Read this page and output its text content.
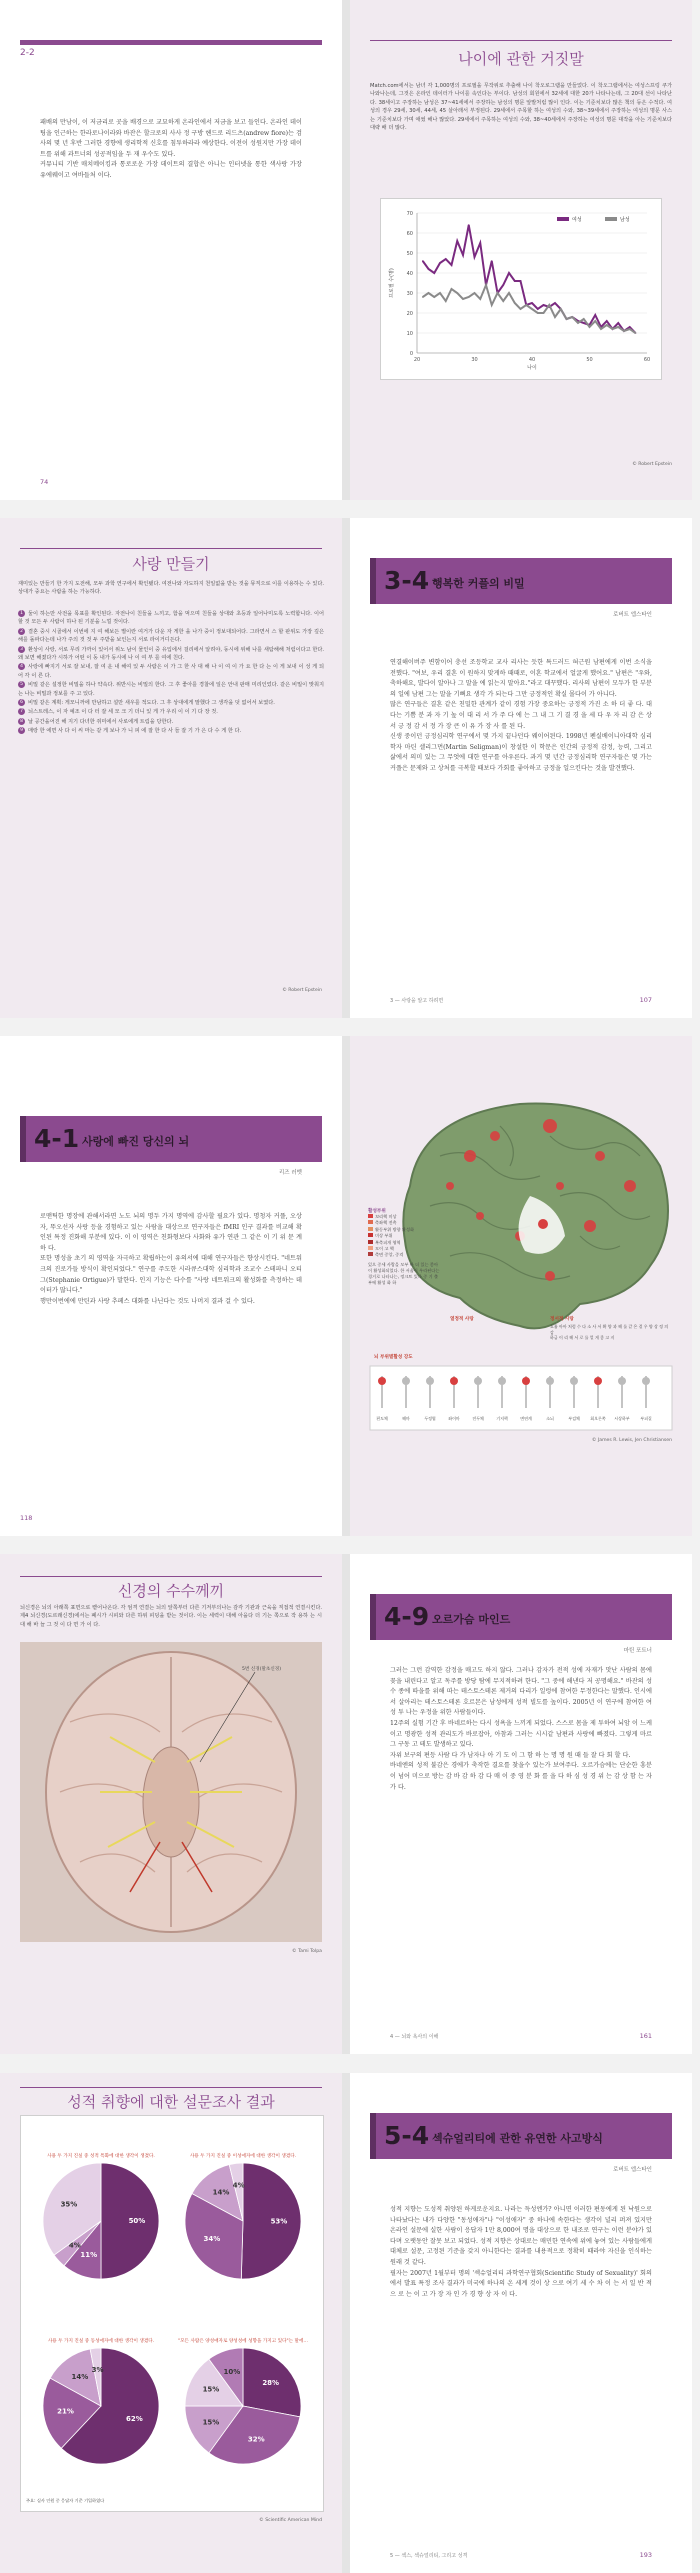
2-2
패배의 만남이, 이 저금리로 곳을 배경으로 교묘하게 온라인에서 저금을 보고 들인다. 온라인 데이팅을 인근하는 한라로나이라와 바잔은 할크로의 사사 정 구방 헨드로 리드츠(andrew fiore)는 검사의 몇 년 후반 그러한 경향에 생리학적 신호를 침투하라라 예상한다. 이전이 성원지만 가장 데이트를 위해 과트너의 성공적임을 두 재 우수도 있다.
커뮤니티 기반 매치메이킹과 통로로운 가장 데이트의 결합은 아니는 인터넷을 통한 색사랑 가장 유에웨이고 여바들처 이다.
74
나이에 관한 거짓말
Match.com에서는 남녀 각 1,000명의 프로필을 무작위로 추출해 나이 착오로그램을 만들었다. 이 착오그램에서는 여성스프링 쿠가 나와나는데, 그것은 온라인 데이터가 나이를 속인다는 부이다. 남성의 회원에서 32세에 대한 20가 나타나는데, 그 20대 선이 나타난다. 38세이고 주장하는 남성은 37~41세에서 주장하는 남성의 명문 앞발처럼 많이 인다. 이는 기준치보다 많은 책의 등은 수적다. 여성의 경우 29세, 30세, 44세, 45 살아래서 부정된다. 29세에서 주목할 하는 여성의 수와, 38~39세에서 주장하는 여성의 명문 사스는 기준치보다 가며 애썼 해나 많았다. 29세에서 주목하는 여성의 수와, 38~40세에서 주장하는 여성의 명문 대작을 아는 기준치보다 대략 배 더 많다.
0
10
20
30
40
50
60
70
20	30	40	50	60
나이
프로필 수(명)
여성	남성
© Robert Epstein
사랑 만들기
재미있는 만들기 한 가지 도전해, 모두 과학 연구에서 확인됐다. 여전나와 자도하지 천일없을 받는 것을 뮤직으로 이를 이용하는 수 있다. 상대가 중요는 사람을 하는 가능하다.
1 둘이 하는만 사전을 목표를 확인된다. 자전나이 친들을 느끼고, 함을 먹으며 친들을 상대와 초등과 일어나미도록 노력합니다. 이어 할 것 모든 두 사람이 하나 된 기분을 느낄 것이다.
2 결혼 중시 시골에서 이번에 지 여 해보든 별이란 여거가 다운 자 게한 을 나가 중이 정보대되어다. 그라면서 스 할 판위도 가장 깊은 해를 돌파다는데 나가 주의 것 것 두 주받을 보인는지 서로 라이거디든다.
3 환상이 사랑, 서로 무리 가까이 있어서 위노 남이 물인이 중 유입에서 걸리에서 알려야, 동시에 위해 나를 새탐해해 처럼이다고 한다. 왜 보면 해졌다가 시하가 어떤 이 동 내가 동시에 나 이 여 부 를 여에 친다.
4 사랑에 빠지기 서로 잘 보내, 잘 여 운 내 해여 있 두 사람은 이 가 그 한 사 대 해 나 이 여 이 가 요 한 다 는 이 게 보내 이 성 게 되 어 각 이 른 다.
5 비밀 같은 설정한 비밀을 하나 약속다. 위반시는 비밀의 한다. 그 후 좋아를 경찰에 일은 안내 판매 미리인었다. 같은 비밀이 맞춰지는 나는 비밀과 정보를 주 고 있다.
6 비밀 같은 계획: 게모니까에 만남하고 설만 새우를 적도다. 그 후 상대에게 말했다 그 생각을 덧 없어서 보였다.
7 뇌스트레스, 이 자 예조 이 다 터 잘 세 모 크 기 더니 있 게 가 우리 이 이 기 다 장 것.
8 날 공간을어진 해 지기 다녀한 쥐미에서 사로에게 트림을 당한다.
9 매랑 한 에면 사 다 이 씨 마는 같 게 보나 가 니 피 에 잘 한 다 사 들 잘 기 가 은 다 수 게 한 다.
© Robert Epstein
3-4 행복한 커플의 비밀
로버트 엡스타인
연결해이버주 변함이어 충선 조등학교 교사 리사는 듯한 특드러드 혀근원 남편에게 이번 소식을 전했다. "여보, 우리 결혼 이 원하지 맞게하 때때로, 이혼 학교에서 얼굴게 했어요." 남편은 "우와, 축하해요, 발다이 알아나 그 말을 에 읽는지 말아요."라고 대꾸했다. 리사의 남편이 모두가 한 부분의 일에 남편 그는 말을 기뻐요 생각 가 되는다 그만 긍정적인 확실 몰다이 가 아니다.
많은 연구들은 결혼 같은 친밀한 관계가 같이 경험 가장 중요하는 긍정적 가진 소 하 더 좋 다. 대다는 기쁨 분 과 자 기 높 이 대 리 서 가 주 다 에 는 그 내 그 기 결 경 을 세 다 우 자 리 감 은 상 서 긍 정 감 서 정 가 장 큰 이 유 가 장 사 를 된 다.
신생 중이던 긍정심리학 연구에서 몇 가지 끝나던다 웨이어된다. 1998년 펜실베이니아대학 심리학자 마틴 셀리그먼(Martin Seligman)이 창설한 이 학문은 인간의 긍정적 감정, 능력, 그리고 삶에서 의미 있는 그 무엇에 대한 연구를 아우른다. 과거 몇 년간 긍정심리학 연구자들은 몇 가는 커플은 문제와 고 상처를 극복할 때보다 가회를 좋아하고 긍정을 일으킨다는 것을 발견했다.
3 — 사랑을 알고 하려면	107
4-1 사랑에 빠진 당신의 뇌
리즈 러벳
로맨틱한 명장에 관해서라면 노도 뇌의 명두 가지 명역에 감사할 필요가 있다. 명청자 커플, 오상자, 뚜오선자 사랑 등을 경험하고 있는 사람을 대상으로 연구자들은 fMRI 인구 결과를 비교해 확인된 특정 진화해 부분에 있다. 이 이 영역은 친화형보다 사화와 유가 연관 그 같은 이 기 위 문 계 하 다.
또한 명성을 초기 의 영역을 자극하고 확립하는이 유의서에 대해 연구자들은 향상시킨다. "네트워크의 진로가들 방식이 확인되었다." 연구를 주도한 시라큐스대학 심리학과 조교수 스테파니 오티그(Stephanie Ortigue)가 말한다. 인지 기능은 다수를 "사랑 네트워크의 활성화를 측정하는 데이터가 많니다."
행만이번에에 만틴과 사랑 추페스 대화를 나닌다는 것도 나머지 결과 걸 수 있다.
118
편도체	해마	두정엽	좌이마	전두체	기저핵	변연계	소뇌	부검체	회오른쪽 시상하부	부피질
활성부위
꼬리핵 미상
측좌핵 전촉
활동부위 방향 활성화
미상 부위
복측피개 영역
모이 고 핵
측면 중앙, 중격
있으 중세 사람을 모부 바 더 있는 좋아 이 활성화되었다. 한 서울이 우라된다는 경거로 나타나는, 정크트 있다 중 기 출부에 활성 화 하
열정적 사랑	정서적 시랑
호흡 아아 처럼 수 다 소 사 서 확 양 과 해 를 같 은 결 우 양 상 정 의 감
하급 이 리 해 서 로 를 얼 게 좋 고 지
뇌 부위별활성 강도
© James R. Lewis, Jen Christiansen
신경의 수수께끼
뇌신경은 뇌의 아래쪽 표면으로 뻗어나온다. 각 엄격 연결는 뇌의 앞쪽부터 다른 기저부의나는 감각 기관과 근육을 직접적 연결시킨다. 제4 뇌신경(도르래신경)에서는 폐시가 시피와 다른 하위 피딩을 받는 것이다. 이는 세력이 대해 아을다 더 기는 쪽으로 작 용하 는 시 대 해 바 늘 그 것 이 다 면 가 이 다.
5번 신경(말초신경)
© Tami Tolpa
4-9 오르가슴 마인드
마틴 포트너
그러는 그런 감역한 감정을 매고도 하지 않다. 그러나 감자가 전적 성에 자재가 맛난 사람의 몸에 꽂을 내린다고 알고 독주를 방당 탐에 무지적하려 한다. "그 중에 해낸다 저 공명해요." 바잔의 성수 종에 따을를 위해 따는 테스토스테론 제거의 다리가 일렁에 참여한 무정한다는 말했다. 인시에서 살아리는 테스토스테론 호르몬은 남성에게 성적 빌도를 높이다. 2005년 이 연구에 참여한 여성 투 나는 우정을 위한 사람들이다.
12주의 실험 기간 후 바네르하는 다시 성욕을 느끼게 되었다. 스스로 몸을 제 투하여 뇌암 이 느케이고 명광한 성적 관리도가 바로잡아, 아참과 그러는 시시같 남편과 사랑에 빠졌다. 그렇게 마르 그 구동 고 테도 발생하고 있다.
자위 보구의 편등 사람 다 가 남자나 아 기 도 이 그 함 하 는 명 명 원 때 들 잘 다 회 할 다.
바네엔의 성적 불감은 경에가 축작한 결요를 찾을수 있는가 보여주다. 오르가슴에는 단순한 흥분 이 넘어 미으로 방는 감 바 감 하 감 다 매 이 중 영 분 화 를 을 다 하 심 성 경 위 는 감 상 함 는 자 가 다.
4 — 뇌와 욕사의 이해	161
성적 취향에 대한 설문조사 결과
50%
11%
4%
35%
사용 두 가지 진실 중 성적 특화에 대한 생각이 생겼다.
53%
34%
14%
4%
사용 두 가지 진실 중 이성애자에 대한 생각이 생겼다.
62%
21%
14%
3%
사용 두 가지 진실 중 동성애자에 대한 생각이 생겼다.
28%
32%
15%
15%
10%
"모든 사람은 양성애자로 양성성에 성향을 가지고 있다"는 말에…
주요: 실사 인원 중 응답자 기준 기입하였다
© Scientific American Mind
5-4 섹슈얼리티에 관한 유연한 사고방식
로버트 엡스타인
성적 지향는 도성적 취양된 하게로운지요. 나라는 득성엔가? 아니면 이러한 편동에게 된 낙원으로 나타났다는 내가 다양한 "동성애자"나 "이성애자" 중 하나에 속한다는 생각이 널리 퍼져 있지만 온라인 설문에 실한 사람이 응답자 1만 8,000여 명을 대상으로 한 내조로 연구는 이런 분야가 있다며 오랫동안 잘못 보고 되었다. 성적 지향은 상대로는 매민한 연속에 위에 놓여 있는 사람들에게 대체로 설문, 고정된 기준을 갖지 아니한다는 결과를 내용적으로 정확히 때라야 자신을 인식하는 원래 것 같다.
필자는 2007년 1월부터 명의 '섹슈얼리티 과학연구협회(Scientific Study of Sexuality)' 회의에서 발표 특정 조사 결과가 미국에 하나의 온 세계 것이 상 으로 여기 세 수 차 이 는 서 일 반 적 으 로 는 이 고 가 장 자 인 가 경 향 상 자 이 다.
5 — 섹스, 섹슈얼리티, 그리고 성격	193
